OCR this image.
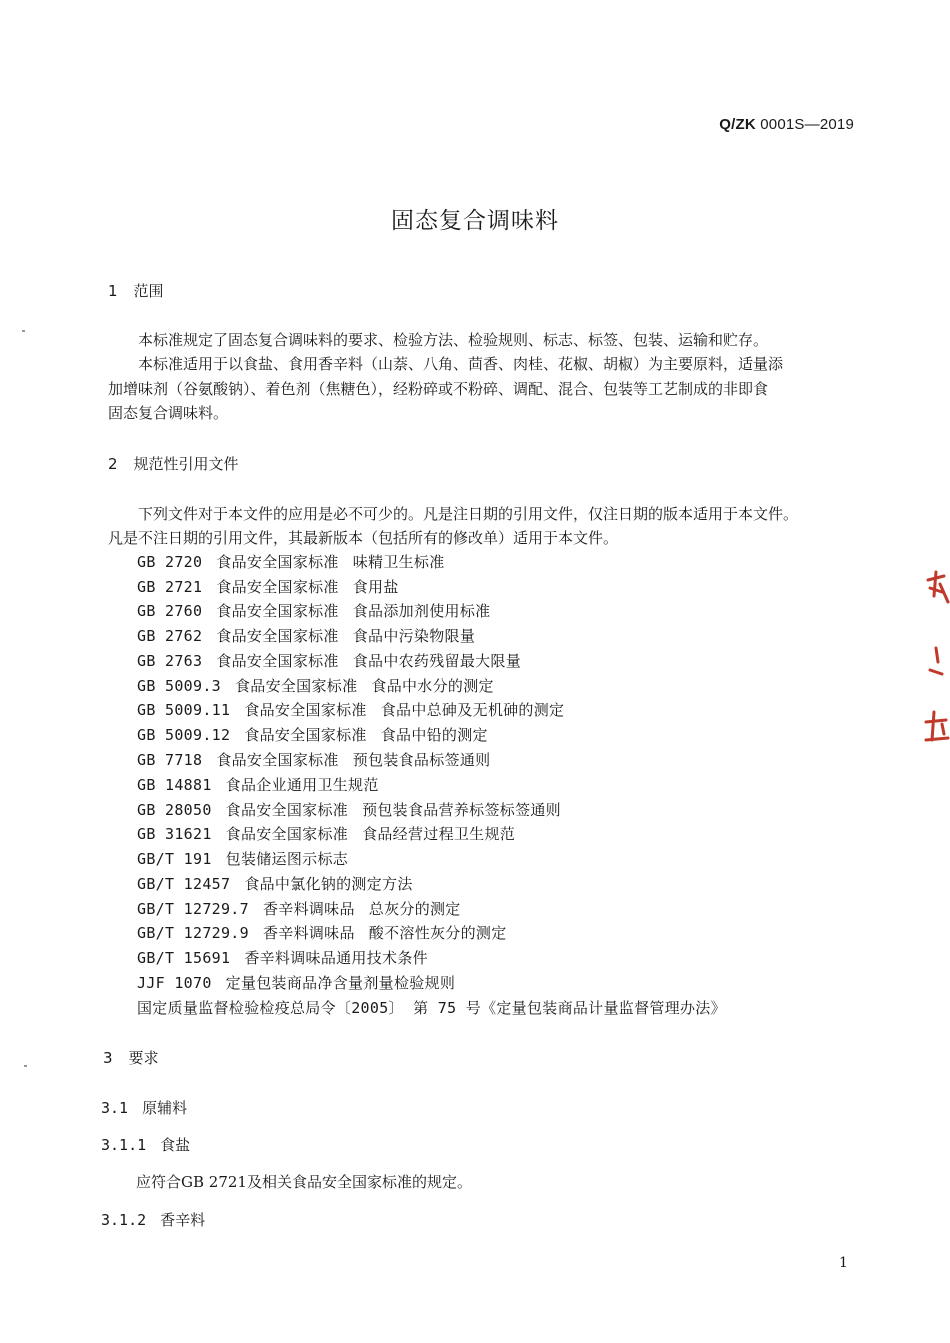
Q/ZK 0001S—2019
固态复合调味料
1 范围
本标准规定了固态复合调味料的要求、检验方法、检验规则、标志、标签、包装、运输和贮存。
本标准适用于以食盐、食用香辛料（山萘、八角、茴香、肉桂、花椒、胡椒）为主要原料，适量添
加增味剂（谷氨酸钠）、着色剂（焦糖色），经粉碎或不粉碎、调配、混合、包装等工艺制成的非即食
固态复合调味料。
2 规范性引用文件
下列文件对于本文件的应用是必不可少的。凡是注日期的引用文件，仅注日期的版本适用于本文件。
凡是不注日期的引用文件，其最新版本（包括所有的修改单）适用于本文件。
GB 2720 食品安全国家标准 味精卫生标准
GB 2721 食品安全国家标准 食用盐
GB 2760 食品安全国家标准 食品添加剂使用标准
GB 2762 食品安全国家标准 食品中污染物限量
GB 2763 食品安全国家标准 食品中农药残留最大限量
GB 5009.3 食品安全国家标准 食品中水分的测定
GB 5009.11 食品安全国家标准 食品中总砷及无机砷的测定
GB 5009.12 食品安全国家标准 食品中铅的测定
GB 7718 食品安全国家标准 预包装食品标签通则
GB 14881 食品企业通用卫生规范
GB 28050 食品安全国家标准 预包装食品营养标签标签通则
GB 31621 食品安全国家标准 食品经营过程卫生规范
GB/T 191 包装储运图示标志
GB/T 12457 食品中氯化钠的测定方法
GB/T 12729.7 香辛料调味品 总灰分的测定
GB/T 12729.9 香辛料调味品 酸不溶性灰分的测定
GB/T 15691 香辛料调味品通用技术条件
JJF 1070 定量包装商品净含量剂量检验规则
国定质量监督检验检疫总局令〔2005〕 第 75 号《定量包装商品计量监督管理办法》
3 要求
3.1 原辅料
3.1.1 食盐
应符合GB 2721及相关食品安全国家标准的规定。
3.1.2 香辛料
1
